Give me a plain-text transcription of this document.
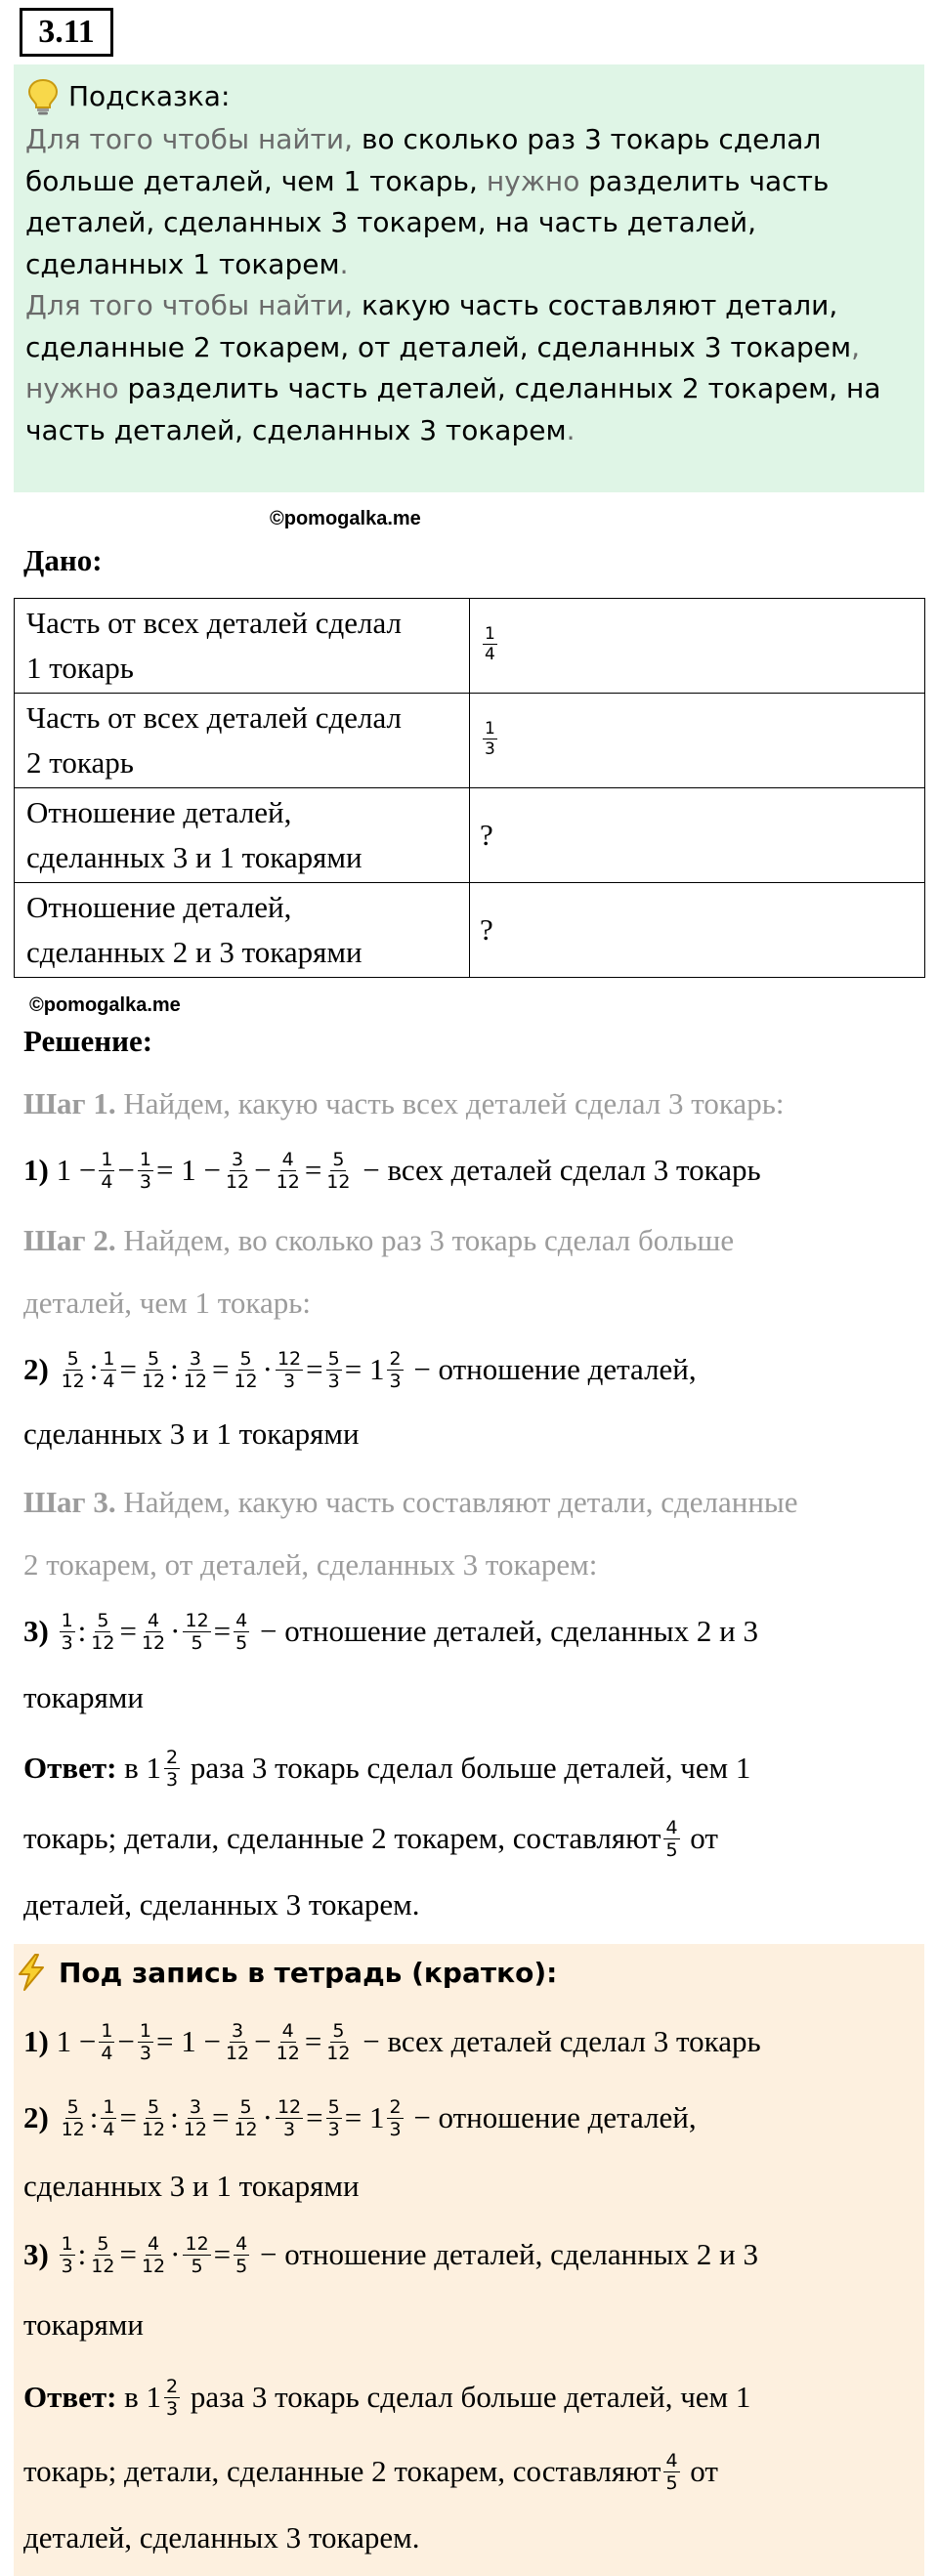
3.11
Подсказка:
Для того чтобы найти, во сколько раз 3 токарь сделал больше деталей, чем 1 токарь, нужно разделить часть деталей, сделанных 3 токарем, на часть деталей, сделанных 1 токарем.
Для того чтобы найти, какую часть составляют детали, сделанные 2 токарем, от деталей, сделанных 3 токарем, нужно разделить часть деталей, сделанных 2 токарем, на часть деталей, сделанных 3 токарем.
©pomogalka.me
Дано:
Часть от всех деталей сделал
1 токарь	$\frac{1}{4}$

Часть от всех деталей сделал
2 токарь	$\frac{1}{3}$

Отношение деталей,
сделанных 3 и 1 токарями	?
Отношение деталей,
сделанных 2 и 3 токарями	?
©pomogalka.me
Решение:
Шаг 1. Найдем, какую часть всех деталей сделал 3 токарь:
1) $1 - \frac{1}{4} - \frac{1}{3} = 1 - \frac{3}{12} - \frac{4}{12} = \frac{5}{12}$ − всех деталей сделал 3 токарь
Шаг 2. Найдем, во сколько раз 3 токарь сделал больше
деталей, чем 1 токарь:
$2) \frac{5}{12}$ : $\frac{1}{4} = \frac{5}{12}$ : $\frac{3}{12} = \frac{5}{12} \cdot \frac{12}{3} = \frac{5}{3} = 1 \frac{2}{3}$ − отношение деталей,
сделанных 3 и 1 токарями
Шаг 3. Найдем, какую часть составляют детали, сделанные
2 токарем, от деталей, сделанных 3 токарем:
$3) \frac{1}{3}$ : $\frac{5}{12} = \frac{4}{12} \cdot \frac{12}{5} = \frac{4}{5}$ − отношение деталей, сделанных 2 и 3
токарями
Ответ: в $1 \frac{2}{3}$ раза 3 токарь сделал больше деталей, чем 1
токарь; детали, сделанные 2 токарем, составляют $\frac{4}{5}$ от
деталей, сделанных 3 токарем.
Под запись в тетрадь (кратко):
1) $1 - \frac{1}{4} - \frac{1}{3} = 1 - \frac{3}{12} - \frac{4}{12} = \frac{5}{12}$ − всех деталей сделал 3 токарь
$2) \frac{5}{12}$ : $\frac{1}{4} = \frac{5}{12}$ : $\frac{3}{12} = \frac{5}{12} \cdot \frac{12}{3} = \frac{5}{3} = 1 \frac{2}{3}$ − отношение деталей,
сделанных 3 и 1 токарями
$3) \frac{1}{3}$ : $\frac{5}{12} = \frac{4}{12} \cdot \frac{12}{5} = \frac{4}{5}$ − отношение деталей, сделанных 2 и 3
токарями
Ответ: в $1 \frac{2}{3}$ раза 3 токарь сделал больше деталей, чем 1
токарь; детали, сделанные 2 токарем, составляют $\frac{4}{5}$ от
деталей, сделанных 3 токарем.
